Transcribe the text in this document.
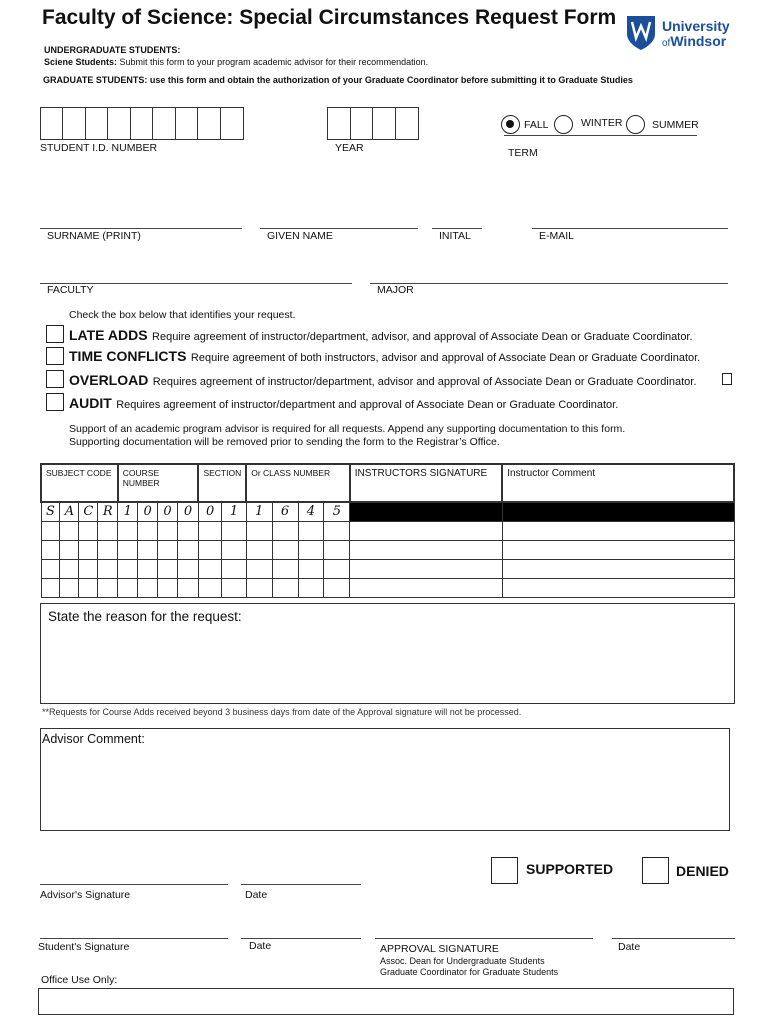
Faculty of Science: Special Circumstances Request Form	University
ofWindsor
UNDERGRADUATE STUDENTS:
Sciene Students: Submit this form to your program academic advisor for their recommendation.
GRADUATE STUDENTS: use this form and obtain the authorization of your Graduate Coordinator before submitting it to Graduate Studies
STUDENT I.D. NUMBER	YEAR
FALL	WINTER	SUMMER
TERM
SURNAME (PRINT)	GIVEN NAME	INITAL	E-MAIL
FACULTY	MAJOR
Check the box below that identifies your request.
LATE ADDS Require agreement of instructor/department, advisor, and approval of Associate Dean or Graduate Coordinator.
TIME CONFLICTS Require agreement of both instructors, advisor and approval of Associate Dean or Graduate Coordinator.
OVERLOAD Requires agreement of instructor/department, advisor and approval of Associate Dean or Graduate Coordinator.
AUDIT Requires agreement of instructor/department and approval of Associate Dean or Graduate Coordinator.
Support of an academic program advisor is required for all requests. Append any supporting documentation to this form.
Supporting documentation will be removed prior to sending the form to the Registrar’s Office.
SUBJECT CODE				COURSE NUMBER				SECTION		Or CLASS NUMBER				INSTRUCTORS SIGNATURE	Instructor Comment
S	A	C	R	1	0	0	0	0	1	1	6	4	5		

State the reason for the request:
**Requests for Course Adds received beyond 3 business days from date of the Approval signature will not be processed.
Advisor Comment:
SUPPORTED	DENIED
Advisor's Signature	Date
Student's Signature	Date	APPROVAL SIGNATURE
Assoc. Dean for Undergraduate Students
Graduate Coordinator for Graduate Students
Date
Office Use Only:
